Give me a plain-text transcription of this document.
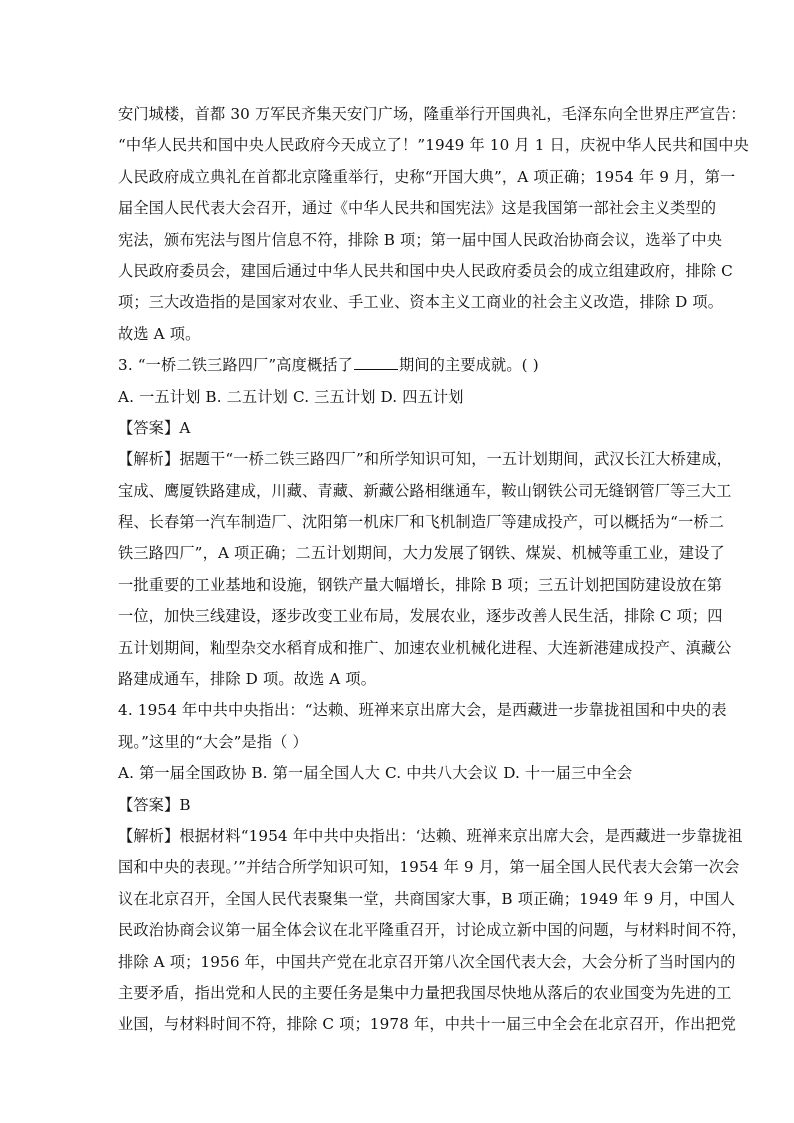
安门城楼，首都 30 万军民齐集天安门广场，隆重举行开国典礼，毛泽东向全世界庄严宣告：
“中华人民共和国中央人民政府今天成立了！”1949 年 10 月 1 日，庆祝中华人民共和国中央
人民政府成立典礼在首都北京隆重举行，史称“开国大典”，A 项正确；1954 年 9 月，第一
届全国人民代表大会召开，通过《中华人民共和国宪法》这是我国第一部社会主义类型的
宪法，颁布宪法与图片信息不符，排除 B 项；第一届中国人民政治协商会议，选举了中央
人民政府委员会，建国后通过中华人民共和国中央人民政府委员会的成立组建政府，排除 C
项；三大改造指的是国家对农业、手工业、资本主义工商业的社会主义改造，排除 D 项。
故选 A 项。
3. “一桥二铁三路四厂”高度概括了	期间的主要成就。( )
A. 一五计划 B. 二五计划 C. 三五计划 D. 四五计划
【答案】A
【解析】据题干“一桥二铁三路四厂”和所学知识可知，一五计划期间，武汉长江大桥建成，
宝成、鹰厦铁路建成，川藏、青藏、新藏公路相继通车，鞍山钢铁公司无缝钢管厂等三大工
程、长春第一汽车制造厂、沈阳第一机床厂和飞机制造厂等建成投产，可以概括为“一桥二
铁三路四厂”，A 项正确；二五计划期间，大力发展了钢铁、煤炭、机械等重工业，建设了
一批重要的工业基地和设施，钢铁产量大幅增长，排除 B 项；三五计划把国防建设放在第
一位，加快三线建设，逐步改变工业布局，发展农业，逐步改善人民生活，排除 C 项；四
五计划期间，籼型杂交水稻育成和推广、加速农业机械化进程、大连新港建成投产、滇藏公
路建成通车，排除 D 项。故选 A 项。
4. 1954 年中共中央指出：“达赖、班禅来京出席大会，是西藏进一步靠拢祖国和中央的表
现。”这里的“大会”是指（ ）
A. 第一届全国政协 B. 第一届全国人大 C. 中共八大会议 D. 十一届三中全会
【答案】B
【解析】根据材料“1954 年中共中央指出：‘达赖、班禅来京出席大会，是西藏进一步靠拢祖
国和中央的表现。’”并结合所学知识可知，1954 年 9 月，第一届全国人民代表大会第一次会
议在北京召开，全国人民代表聚集一堂，共商国家大事，B 项正确；1949 年 9 月，中国人
民政治协商会议第一届全体会议在北平隆重召开，讨论成立新中国的问题，与材料时间不符，
排除 A 项；1956 年，中国共产党在北京召开第八次全国代表大会，大会分析了当时国内的
主要矛盾，指出党和人民的主要任务是集中力量把我国尽快地从落后的农业国变为先进的工
业国，与材料时间不符，排除 C 项；1978 年，中共十一届三中全会在北京召开，作出把党
